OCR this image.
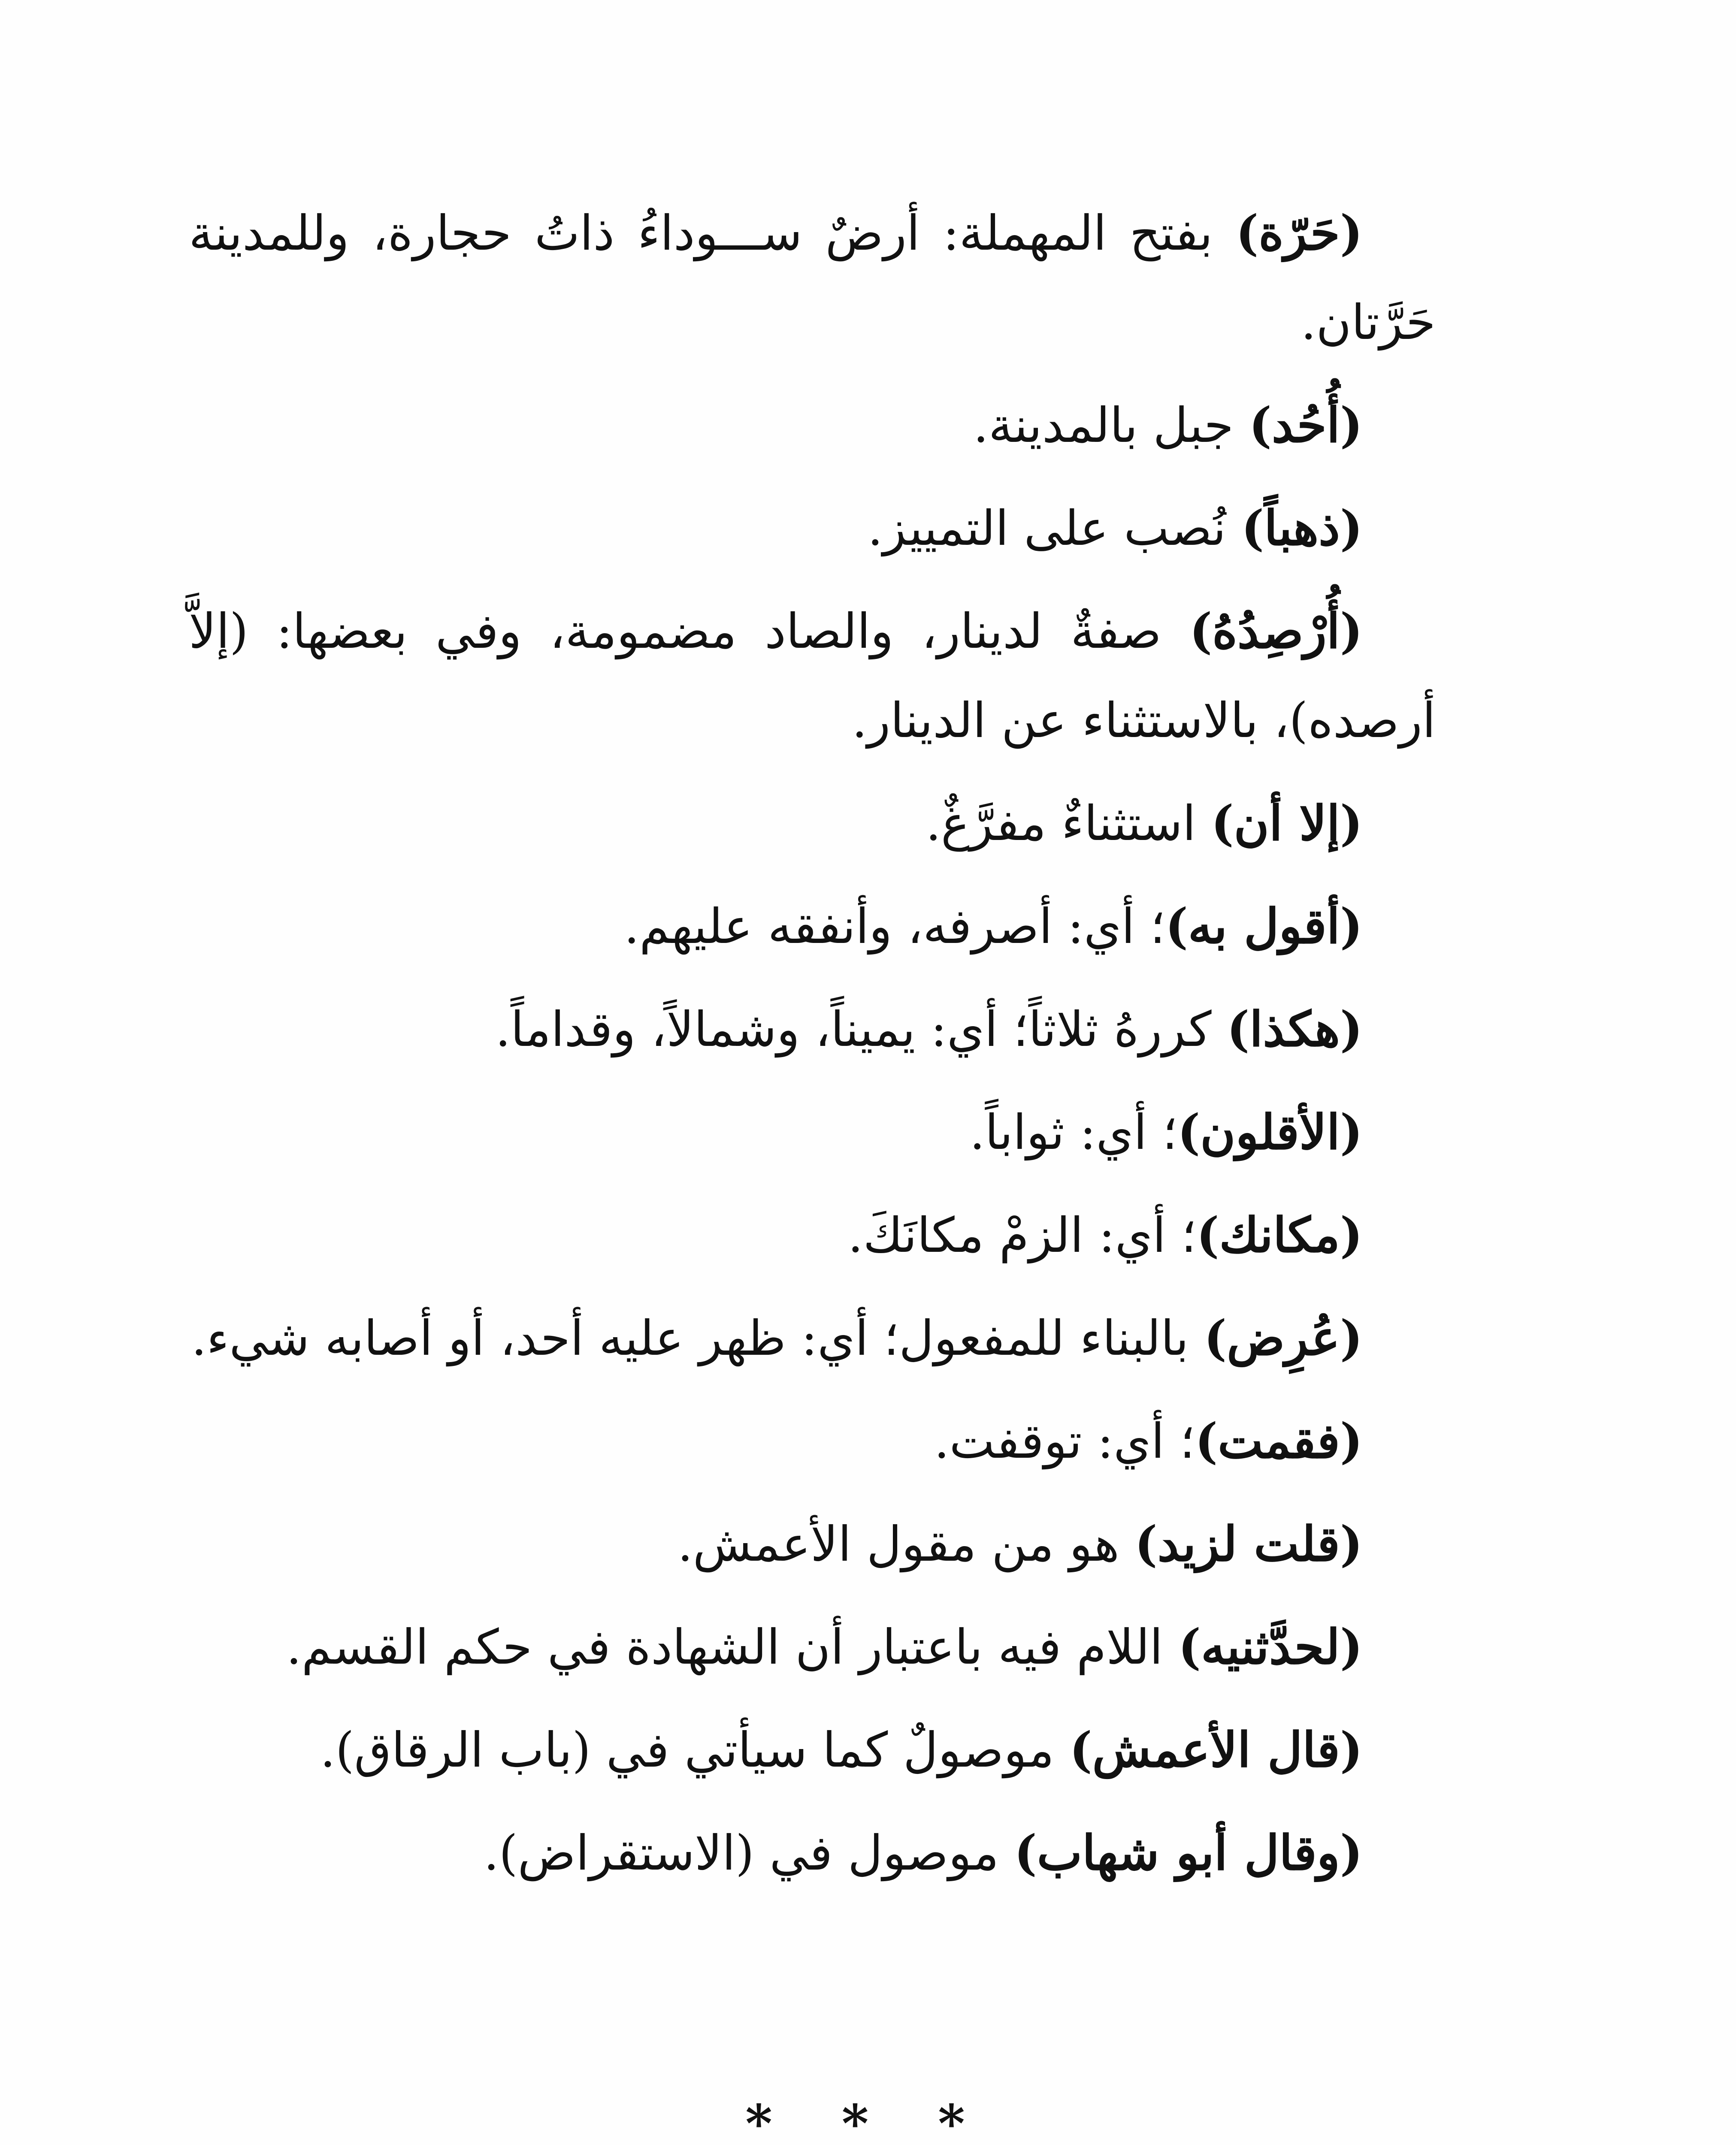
(حَرّة) بفتح المهملة: أرضٌ ســـوداءُ ذاتُ حجارة، وللمدينة حَرَّتان.

(أُحُد) جبل بالمدينة.

(ذهباً) نُصب على التمييز.

(أُرْصِدُهُ) صفةٌ لدينار، والصاد مضمومة، وفي بعضها: (إلاَّ أرصده)، بالاستثناء عن الدينار.

(إلا أن) استثناءٌ مفرَّغٌ.

(أقول به)؛ أي: أصرفه، وأنفقه عليهم.

(هكذا) كررهُ ثلاثاً؛ أي: يميناً، وشمالاً، وقداماً.

(الأقلون)؛ أي: ثواباً.

(مكانك)؛ أي: الزمْ مكانَكَ.

(عُرِض) بالبناء للمفعول؛ أي: ظهر عليه أحد، أو أصابه شيء.

(فقمت)؛ أي: توقفت.

(قلت لزيد) هو من مقول الأعمش.

(لحدَّثنيه) اللام فيه باعتبار أن الشهادة في حكم القسم.

(قال الأعمش) موصولٌ كما سيأتي في (باب الرقاق).

(وقال أبو شهاب) موصول في (الاستقراض).

* * *
